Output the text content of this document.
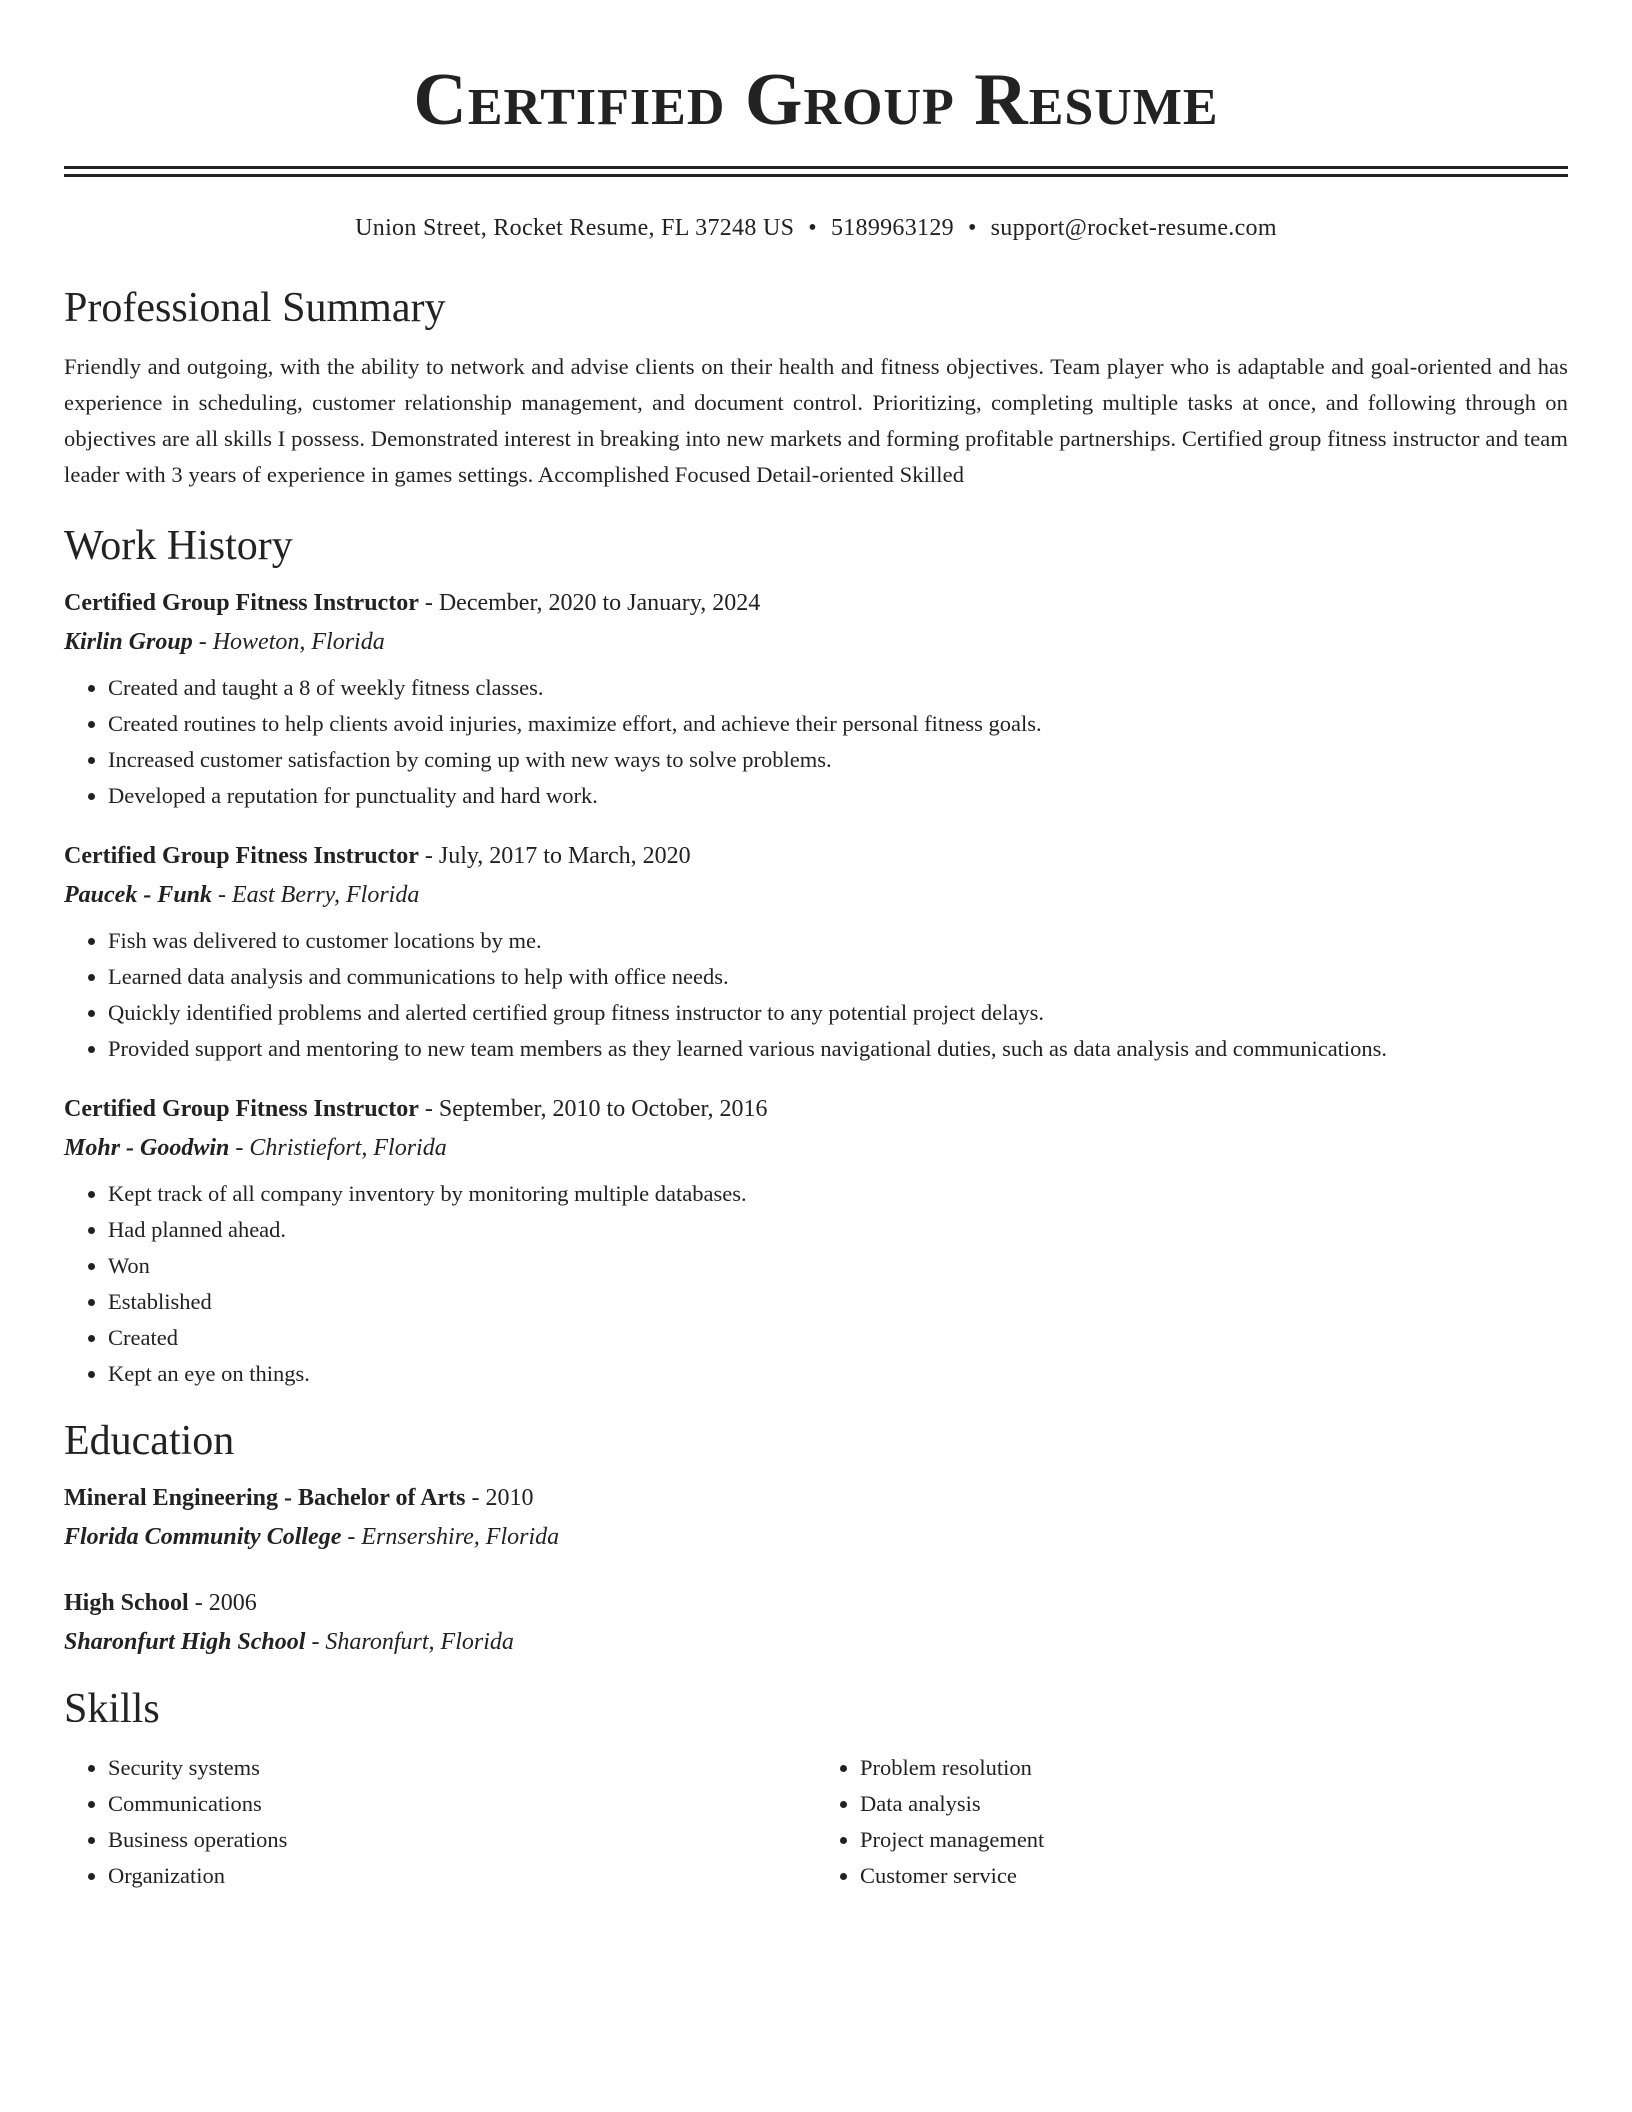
Certified Group Resume
Union Street, Rocket Resume, FL 37248 US • 5189963129 • support@rocket-resume.com
Professional Summary
Friendly and outgoing, with the ability to network and advise clients on their health and fitness objectives. Team player who is adaptable and goal-oriented and has experience in scheduling, customer relationship management, and document control. Prioritizing, completing multiple tasks at once, and following through on objectives are all skills I possess. Demonstrated interest in breaking into new markets and forming profitable partnerships. Certified group fitness instructor and team leader with 3 years of experience in games settings. Accomplished Focused Detail-oriented Skilled
Work History
Certified Group Fitness Instructor - December, 2020 to January, 2024
Kirlin Group - Howeton, Florida
• Created and taught a 8 of weekly fitness classes.
• Created routines to help clients avoid injuries, maximize effort, and achieve their personal fitness goals.
• Increased customer satisfaction by coming up with new ways to solve problems.
• Developed a reputation for punctuality and hard work.
Certified Group Fitness Instructor - July, 2017 to March, 2020
Paucek - Funk - East Berry, Florida
• Fish was delivered to customer locations by me.
• Learned data analysis and communications to help with office needs.
• Quickly identified problems and alerted certified group fitness instructor to any potential project delays.
• Provided support and mentoring to new team members as they learned various navigational duties, such as data analysis and communications.
Certified Group Fitness Instructor - September, 2010 to October, 2016
Mohr - Goodwin - Christiefort, Florida
• Kept track of all company inventory by monitoring multiple databases.
• Had planned ahead.
• Won
• Established
• Created
• Kept an eye on things.
Education
Mineral Engineering - Bachelor of Arts - 2010
Florida Community College - Ernsershire, Florida
High School - 2006
Sharonfurt High School - Sharonfurt, Florida
Skills
• Security systems
• Communications
• Business operations
• Organization
• Problem resolution
• Data analysis
• Project management
• Customer service
